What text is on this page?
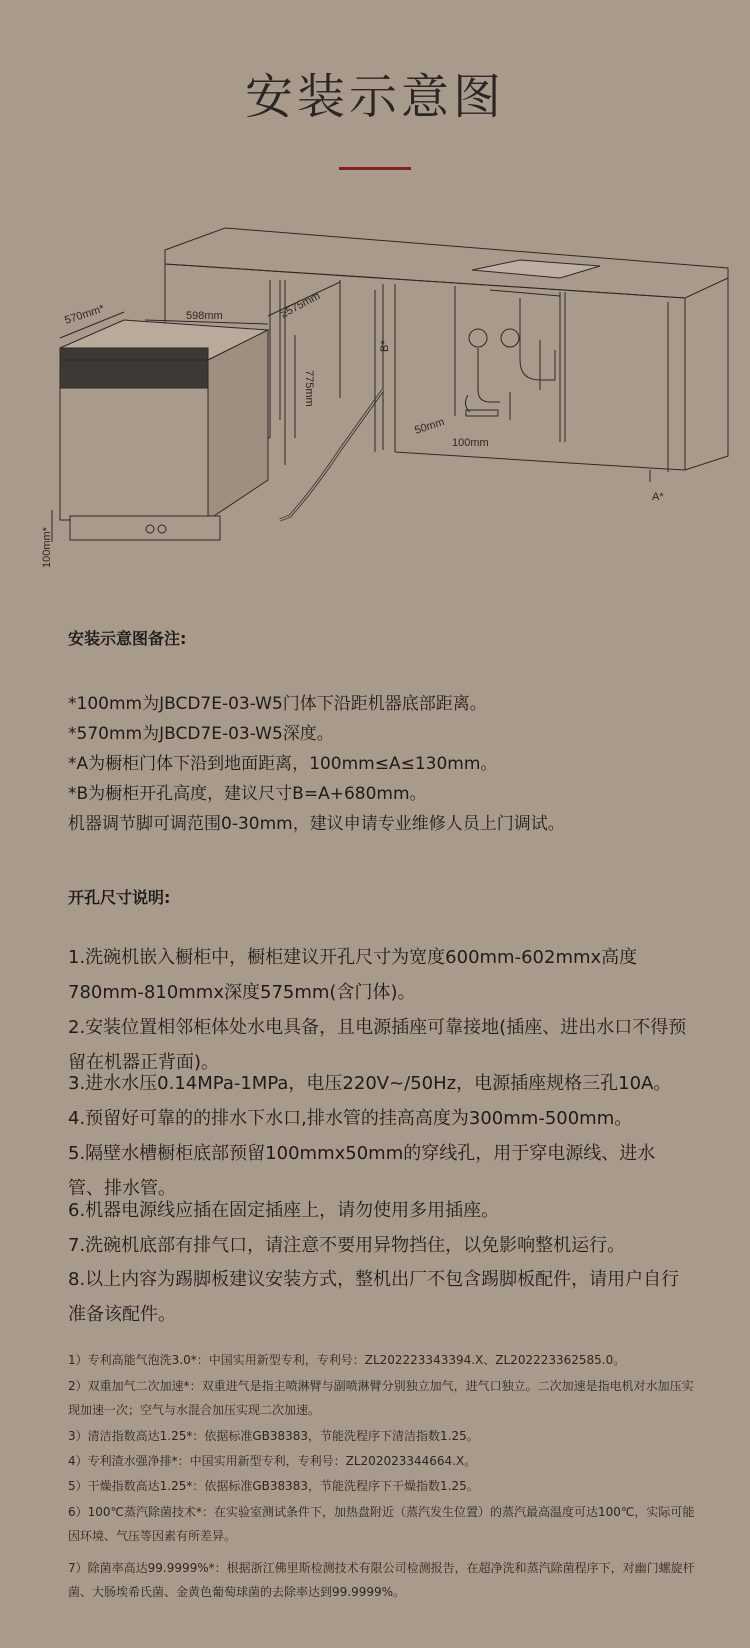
安装示意图
570mm*	598mm	≥575mm
775mm
B*
50mm
100mm
A*
100mm*
安装示意图备注:
*100mm为JBCD7E-03-W5门体下沿距机器底部距离。
*570mm为JBCD7E-03-W5深度。
*A为橱柜门体下沿到地面距离，100mm≤A≤130mm。
*B为橱柜开孔高度，建议尺寸B=A+680mm。
机器调节脚可调范围0-30mm，建议申请专业维修人员上门调试。
开孔尺寸说明:
1.洗碗机嵌入橱柜中，橱柜建议开孔尺寸为宽度600mm-602mmx高度780mm-810mmx深度575mm(含门体)。
2.安装位置相邻柜体处水电具备，且电源插座可靠接地(插座、进出水口不得预留在机器正背面)。
3.进水水压0.14MPa-1MPa，电压220V~/50Hz，电源插座规格三孔10A。
4.预留好可靠的的排水下水口,排水管的挂高高度为300mm-500mm。
5.隔壁水槽橱柜底部预留100mmx50mm的穿线孔，用于穿电源线、进水管、排水管。
6.机器电源线应插在固定插座上，请勿使用多用插座。
7.洗碗机底部有排气口，请注意不要用异物挡住，以免影响整机运行。
8.以上内容为踢脚板建议安装方式，整机出厂不包含踢脚板配件，请用户自行准备该配件。
1）专利高能气泡洗3.0*：中国实用新型专利，专利号：ZL202223343394.X、ZL202223362585.0。
2）双重加气二次加速*：双重进气是指主喷淋臂与副喷淋臂分别独立加气，进气口独立。二次加速是指电机对水加压实现加速一次；空气与水混合加压实现二次加速。
3）清洁指数高达1.25*：依据标准GB38383，节能洗程序下清洁指数1.25。
4）专利渣水强净排*：中国实用新型专利，专利号：ZL202023344664.X。
5）干燥指数高达1.25*：依据标准GB38383，节能洗程序下干燥指数1.25。
6）100℃蒸汽除菌技术*：在实验室测试条件下，加热盘附近（蒸汽发生位置）的蒸汽最高温度可达100℃，实际可能因环境、气压等因素有所差异。
7）除菌率高达99.9999%*：根据浙江佛里斯检测技术有限公司检测报告，在超净洗和蒸汽除菌程序下，对幽门螺旋杆菌、大肠埃希氏菌、金黄色葡萄球菌的去除率达到99.9999%。
